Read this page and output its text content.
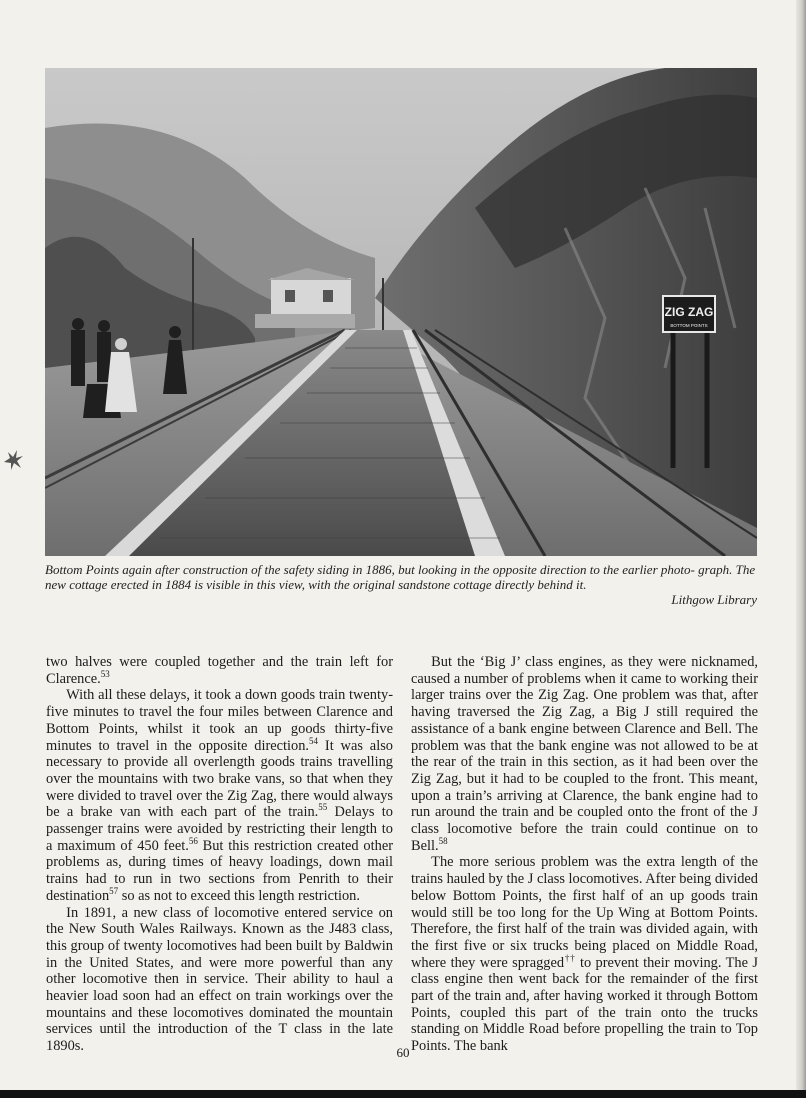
ZIG ZAG
BOTTOM POINTS
Bottom Points again after construction of the safety siding in 1886, but looking in the opposite direction to the earlier photo- graph. The new cottage erected in 1884 is visible in this view, with the original sandstone cottage directly behind it.
Lithgow Library

two halves were coupled together and the train left for Clarence.$^{53}$

With all these delays, it took a down goods train twenty-five minutes to travel the four miles between Clarence and Bottom Points, whilst it took an up goods thirty-five minutes to travel in the opposite direction.$^{54}$ It was also necessary to provide all overlength goods trains travelling over the mountains with two brake vans, so that when they were divided to travel over the Zig Zag, there would always be a brake van with each part of the train.$^{55}$ Delays to passenger trains were avoided by restricting their length to a maximum of 450 feet.$^{56}$ But this restriction created other problems as, during times of heavy loadings, down mail trains had to run in two sections from Penrith to their destination$^{57}$ so as not to exceed this length restriction.

In 1891, a new class of locomotive entered service on the New South Wales Railways. Known as the J483 class, this group of twenty locomotives had been built by Baldwin in the United States, and were more powerful than any other locomotive then in service. Their ability to haul a heavier load soon had an effect on train workings over the mountains and these locomotives dominated the mountain services until the introduction of the T class in the late 1890s.

But the ‘Big J’ class engines, as they were nicknamed, caused a number of problems when it came to working their larger trains over the Zig Zag. One problem was that, after having traversed the Zig Zag, a Big J still required the assistance of a bank engine between Clarence and Bell. The problem was that the bank engine was not allowed to be at the rear of the train in this section, as it had been over the Zig Zag, but it had to be coupled to the front. This meant, upon a train’s arriving at Clarence, the bank engine had to run around the train and be coupled onto the front of the J class locomotive before the train could continue on to Bell.$^{58}$

The more serious problem was the extra length of the trains hauled by the J class locomotives. After being divided below Bottom Points, the first half of an up goods train would still be too long for the Up Wing at Bottom Points. Therefore, the first half of the train was divided again, with the first five or six trucks being placed on Middle Road, where they were spragged†† to prevent their moving. The J class engine then went back for the remainder of the first part of the train and, after having worked it through Bottom Points, coupled this part of the train onto the trucks standing on Middle Road before propelling the train to Top Points. The bank

60
